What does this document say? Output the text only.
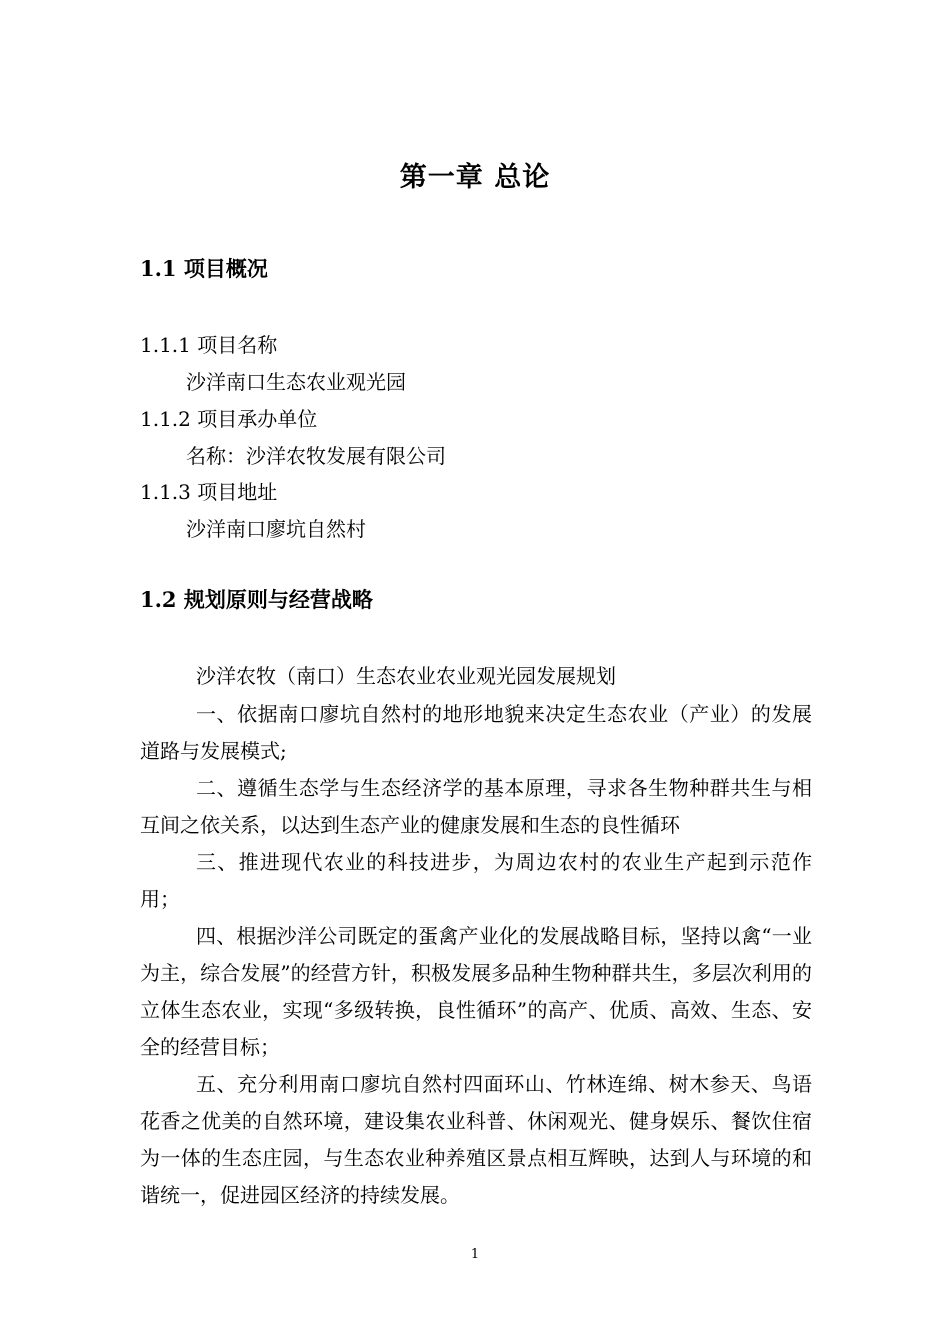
第一章 总论
1.1 项目概况

1.1.1 项目名称

沙洋南口生态农业观光园

1.1.2 项目承办单位

名称：沙洋农牧发展有限公司

1.1.3 项目地址

沙洋南口廖坑自然村

1.2 规划原则与经营战略

沙洋农牧（南口）生态农业农业观光园发展规划

一、依据南口廖坑自然村的地形地貌来决定生态农业（产业）的发展道路与发展模式;

二、遵循生态学与生态经济学的基本原理，寻求各生物种群共生与相互间之依关系，以达到生态产业的健康发展和生态的良性循环

三、推进现代农业的科技进步，为周边农村的农业生产起到示范作用；

四、根据沙洋公司既定的蛋禽产业化的发展战略目标，坚持以禽“一业为主，综合发展”的经营方针，积极发展多品种生物种群共生，多层次利用的立体生态农业，实现“多级转换，良性循环”的高产、优质、高效、生态、安全的经营目标；

五、充分利用南口廖坑自然村四面环山、竹林连绵、树木参天、鸟语花香之优美的自然环境，建设集农业科普、休闲观光、健身娱乐、餐饮住宿为一体的生态庄园，与生态农业种养殖区景点相互辉映，达到人与环境的和谐统一，促进园区经济的持续发展。

1
